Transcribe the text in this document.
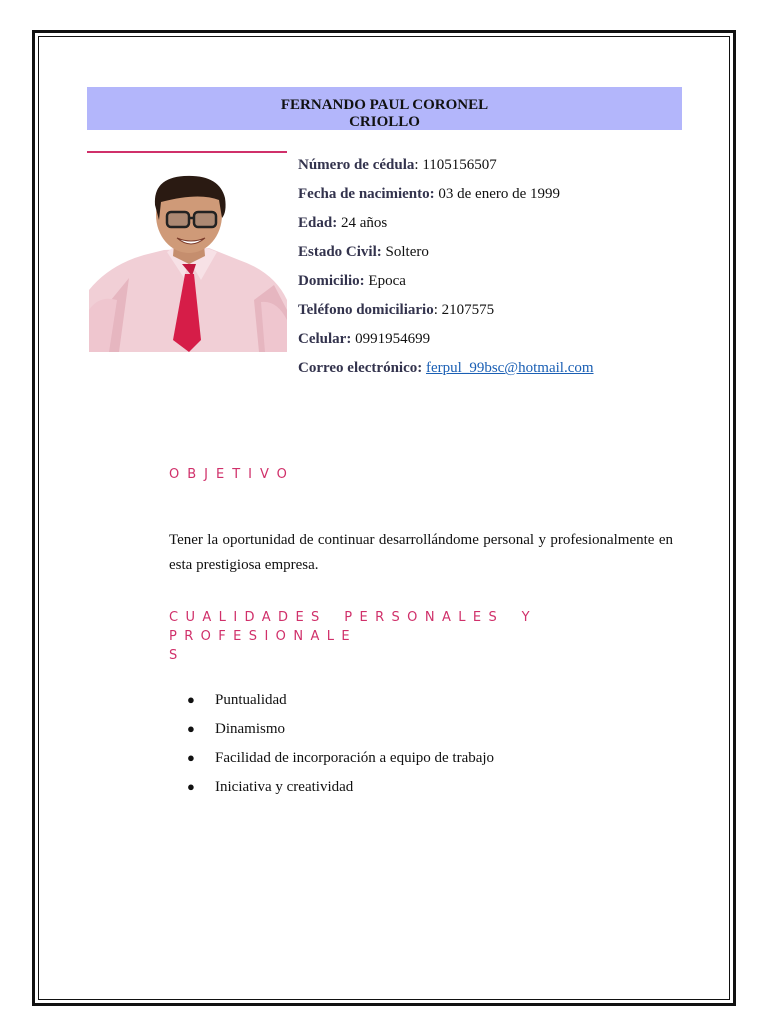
FERNANDO PAUL CORONEL
CRIOLLO
Número de cédula: 1105156507
Fecha de nacimiento: 03 de enero de 1999
Edad: 24 años
Estado Civil: Soltero
Domicilio: Epoca
Teléfono domiciliario: 2107575
Celular: 0991954699
Correo electrónico: ferpul_99bsc@hotmail.com
OBJETIVO
Tener la oportunidad de continuar desarrollándome personal y profesionalmente en esta prestigiosa empresa.
CUALIDADES PERSONALES Y PROFESIONALE
S
● Puntualidad
● Dinamismo
● Facilidad de incorporación a equipo de trabajo
● Iniciativa y creatividad
